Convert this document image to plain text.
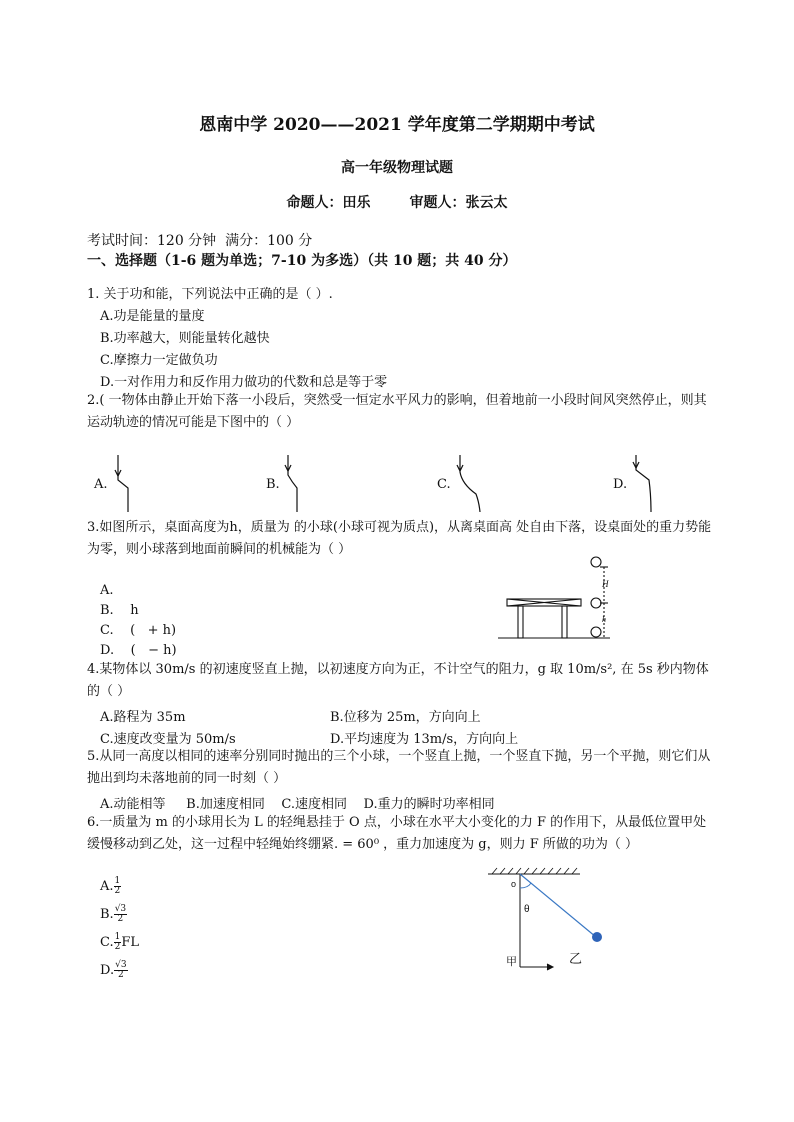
恩南中学 2020——2021 学年度第二学期期中考试
高一年级物理试题
命题人：田乐        审题人：张云太
考试时间：120 分钟  满分：100 分
一、选择题（1-6 题为单选；7-10 为多选）（共 10 题；共 40 分）
1. 关于功和能，下列说法中正确的是（ ）.
A.功是能量的量度
B.功率越大，则能量转化越快
C.摩擦力一定做负功
D.一对作用力和反作用力做功的代数和总是等于零
2.( 一物体由静止开始下落一小段后，突然受一恒定水平风力的影响，但着地前一小段时间风突然停止，则其运动轨迹的情况可能是下图中的（ ）
A.	B.	C.	D.
3.如图所示，桌面高度为h，质量为 的小球(小球可视为质点)，从离桌面高 处自由下落，设桌面处的重力势能为零，则小球落到地面前瞬间的机械能为（ ）
A.
B.    h
C.    (   + h)
D.    (   − h)
H
h
4.某物体以 30m/s 的初速度竖直上抛，以初速度方向为正，不计空气的阻力，g 取 10m/s², 在 5s 秒内物体的（ ）
A.路程为 35m	B.位移为 25m，方向向上
C.速度改变量为 50m/s	D.平均速度为 13m/s，方向向上
5.从同一高度以相同的速率分别同时抛出的三个小球，一个竖直上抛，一个竖直下抛，另一个平抛，则它们从抛出到均未落地前的同一时刻（ ）
A.动能相等     B.加速度相同    C.速度相同    D.重力的瞬时功率相同
6.一质量为 m 的小球用长为 L 的轻绳悬挂于 O 点，小球在水平大小变化的力 F 的作用下，从最低位置甲处缓慢移动到乙处，这一过程中轻绳始终绷紧. = 60⁰ ，重力加速度为 g，则力 F 所做的功为（ ）
A. $\frac{1}{2}$
B. $\frac{√3}{2}$
C. $\frac{1}{2}$ FL
D. $\frac{√3}{2}$
o
θ
甲	乙
